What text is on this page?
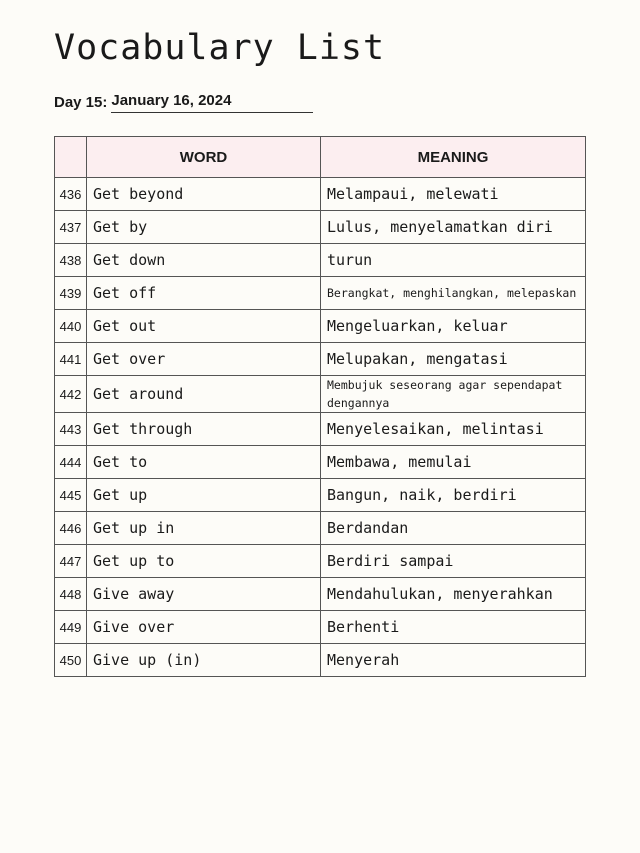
Vocabulary List
Day 15: January 16, 2024
	WORD	MEANING
436	Get beyond	Melampaui, melewati
437	Get by	Lulus, menyelamatkan diri
438	Get down	turun
439	Get off	Berangkat, menghilangkan, melepaskan
440	Get out	Mengeluarkan, keluar
441	Get over	Melupakan, mengatasi
442	Get around	Membujuk seseorang agar sependapat dengannya
443	Get through	Menyelesaikan, melintasi
444	Get to	Membawa, memulai
445	Get up	Bangun, naik, berdiri
446	Get up in	Berdandan
447	Get up to	Berdiri sampai
448	Give away	Mendahulukan, menyerahkan
449	Give over	Berhenti
450	Give up (in)	Menyerah
